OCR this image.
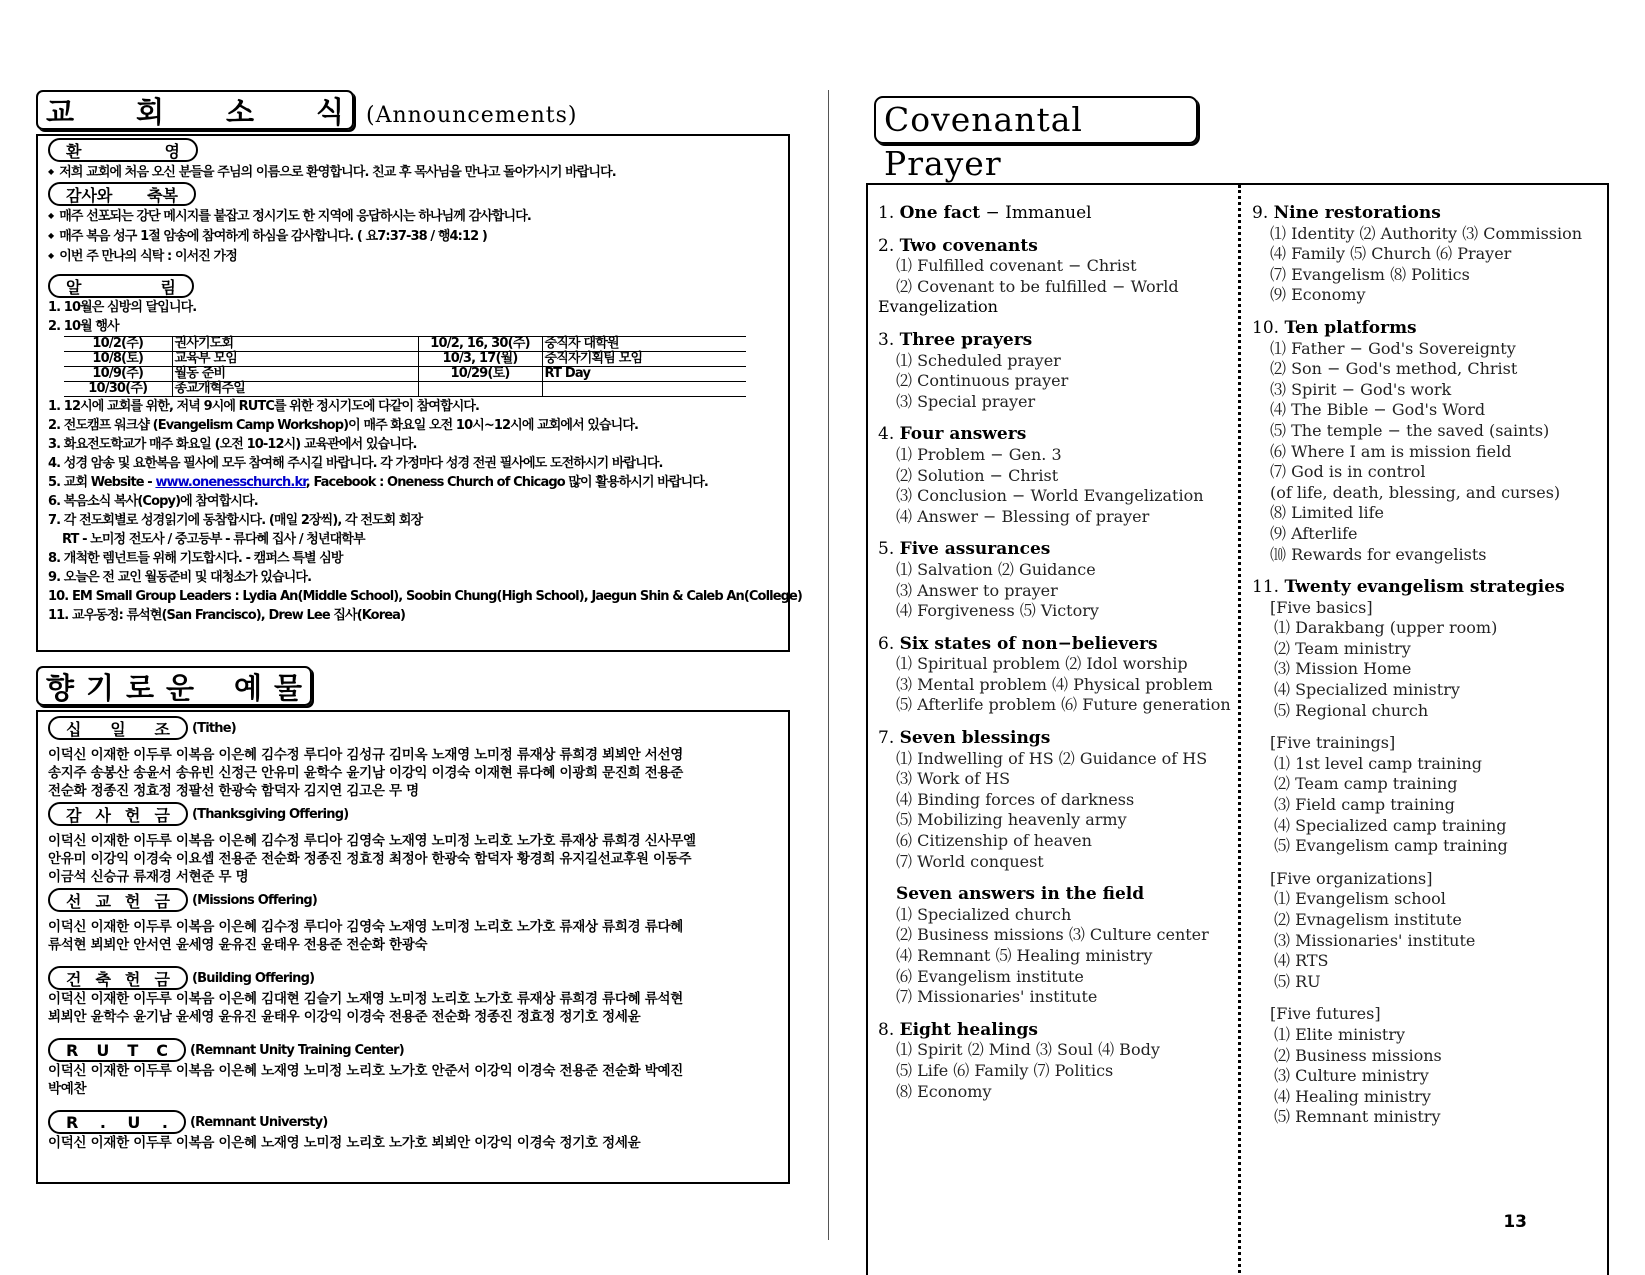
교 회 소 식 (Announcements)
환	영
◆ 저희 교회에 처음 오신 분들을 주님의 이름으로 환영합니다. 친교 후 목사님을 만나고 돌아가시기 바랍니다.
감사와 축복
◆ 매주 선포되는 강단 메시지를 붙잡고 정시기도 한 지역에 응답하시는 하나님께 감사합니다.
◆ 매주 복음 성구 1절 암송에 참여하게 하심을 감사합니다. ( 요7:37-38 / 행4:12 )
◆ 이번 주 만나의 식탁 : 이서진 가정
알	림
1. 10월은 심방의 달입니다.
2. 10월 행사
10/2(주)	권사기도회	10/2, 16, 30(주)	중직자 대학원
10/8(토)	교육부 모임	10/3, 17(월)	중직자기획팀 모임
10/9(주)	월동 준비	10/29(토)	RT Day
10/30(주)	종교개혁주일		
1. 12시에 교회를 위한, 저녁 9시에 RUTC를 위한 정시기도에 다같이 참여합시다.
2. 전도캠프 워크샵 (Evangelism Camp Workshop)이 매주 화요일 오전 10시~12시에 교회에서 있습니다.
3. 화요전도학교가 매주 화요일 (오전 10-12시) 교육관에서 있습니다.
4. 성경 암송 및 요한복음 필사에 모두 참여해 주시길 바랍니다. 각 가정마다 성경 전권 필사에도 도전하시기 바랍니다.
5. 교회 Website - www.onenesschurch.kr, Facebook : Oneness Church of Chicago 많이 활용하시기 바랍니다.
6. 복음소식 복사(Copy)에 참여합시다.
7. 각 전도회별로 성경읽기에 동참합시다. (매일 2장씩), 각 전도회 회장
RT - 노미정 전도사 / 중고등부 - 류다혜 집사 / 청년대학부
8. 개척한 렘넌트들 위해 기도합시다. - 캠퍼스 특별 심방
9. 오늘은 전 교인 월동준비 및 대청소가 있습니다.
10. EM Small Group Leaders : Lydia An(Middle School), Soobin Chung(High School), Jaegun Shin & Caleb An(College)
11. 교우동정: 류석현(San Francisco), Drew Lee 집사(Korea)
향 기 로 운 예 물
십 일 조 (Tithe)
이덕신 이재한 이두루 이복음 이은혜 김수정 루디아 김성규 김미옥 노재영 노미정 류재상 류희경 뵈뵈안 서선영
송지주 송봉산 송윤서 송유빈 신정근 안유미 윤학수 윤기남 이강익 이경숙 이재현 류다혜 이광희 문진희 전용준
전순화 정종진 정효정 정팔선 한광숙 함덕자 김지연 김고은 무 명
감 사 헌 금 (Thanksgiving Offering)
이덕신 이재한 이두루 이복음 이은혜 김수정 루디아 김영숙 노재영 노미정 노리호 노가호 류재상 류희경 신사무엘
안유미 이강익 이경숙 이요셉 전용준 전순화 정종진 정효정 최정아 한광숙 함덕자 황경희 유지길선교후원 이동주
이금석 신승규 류재경 서현준 무 명
선 교 헌 금 (Missions Offering)
이덕신 이재한 이두루 이복음 이은혜 김수정 루디아 김영숙 노재영 노미정 노리호 노가호 류재상 류희경 류다혜
류석현 뵈뵈안 안서연 윤세영 윤유진 윤태우 전용준 전순화 한광숙
건 축 헌 금 (Building Offering)
이덕신 이재한 이두루 이복음 이은혜 김대현 김슬기 노재영 노미정 노리호 노가호 류재상 류희경 류다혜 류석현
뵈뵈안 윤학수 윤기남 윤세영 윤유진 윤태우 이강익 이경숙 전용준 전순화 정종진 정효정 정기호 정세윤
R U T C (Remnant Unity Training Center)
이덕신 이재한 이두루 이복음 이은혜 노재영 노미정 노리호 노가호 안준서 이강익 이경숙 전용준 전순화 박예진
박예찬
R . U . (Remnant Universty)
이덕신 이재한 이두루 이복음 이은혜 노재영 노미정 노리호 노가호 뵈뵈안 이강익 이경숙 정기호 정세윤
Covenantal Prayer
1. One fact − Immanuel
2. Two covenants
⑴ Fulfilled covenant − Christ
⑵ Covenant to be fulfilled − World
Evangelization
3. Three prayers
⑴ Scheduled prayer
⑵ Continuous prayer
⑶ Special prayer
4. Four answers
⑴ Problem − Gen. 3
⑵ Solution − Christ
⑶ Conclusion − World Evangelization
⑷ Answer − Blessing of prayer
5. Five assurances
⑴ Salvation ⑵ Guidance
⑶ Answer to prayer
⑷ Forgiveness ⑸ Victory
6. Six states of non−believers
⑴ Spiritual problem ⑵ Idol worship
⑶ Mental problem ⑷ Physical problem
⑸ Afterlife problem ⑹ Future generation
7. Seven blessings
⑴ Indwelling of HS ⑵ Guidance of HS
⑶ Work of HS
⑷ Binding forces of darkness
⑸ Mobilizing heavenly army
⑹ Citizenship of heaven
⑺ World conquest
Seven answers in the field
⑴ Specialized church
⑵ Business missions ⑶ Culture center
⑷ Remnant ⑸ Healing ministry
⑹ Evangelism institute
⑺ Missionaries' institute
8. Eight healings
⑴ Spirit ⑵ Mind ⑶ Soul ⑷ Body
⑸ Life ⑹ Family ⑺ Politics
⑻ Economy
9. Nine restorations
⑴ Identity ⑵ Authority ⑶ Commission
⑷ Family ⑸ Church ⑹ Prayer
⑺ Evangelism ⑻ Politics
⑼ Economy
10. Ten platforms
⑴ Father − God's Sovereignty
⑵ Son − God's method, Christ
⑶ Spirit − God's work
⑷ The Bible − God's Word
⑸ The temple − the saved (saints)
⑹ Where I am is mission field
⑺ God is in control
(of life, death, blessing, and curses)
⑻ Limited life
⑼ Afterlife
⑽ Rewards for evangelists
11. Twenty evangelism strategies
[Five basics]
⑴ Darakbang (upper room)
⑵ Team ministry
⑶ Mission Home
⑷ Specialized ministry
⑸ Regional church
[Five trainings]
⑴ 1st level camp training
⑵ Team camp training
⑶ Field camp training
⑷ Specialized camp training
⑸ Evangelism camp training
[Five organizations]
⑴ Evangelism school
⑵ Evnagelism institute
⑶ Missionaries' institute
⑷ RTS
⑸ RU
[Five futures]
⑴ Elite ministry
⑵ Business missions
⑶ Culture ministry
⑷ Healing ministry
⑸ Remnant ministry
13
